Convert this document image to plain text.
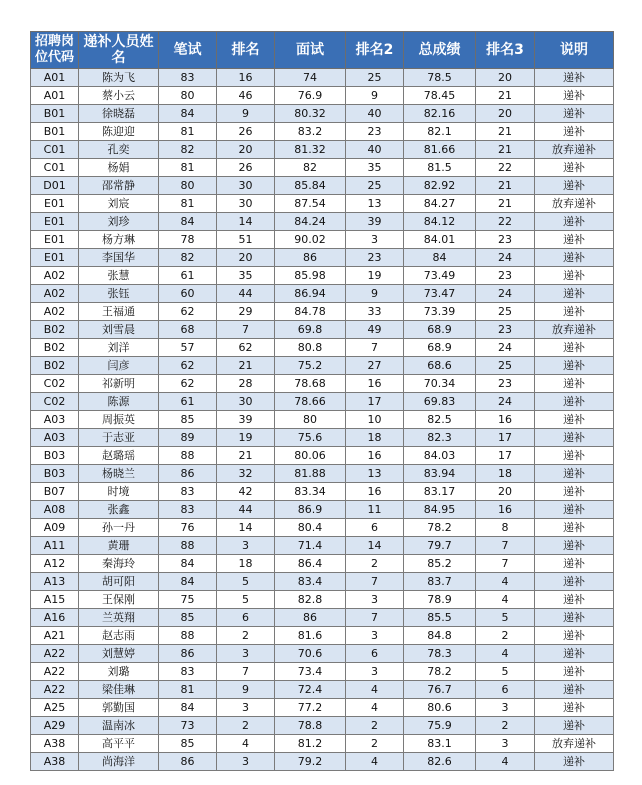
招聘岗位代码	递补人员姓名	笔试	排名	面试	排名2	总成绩	排名3	说明
A01	陈为飞	83	16	74	25	78.5	20	递补
A01	蔡小云	80	46	76.9	9	78.45	21	递补
B01	徐晓磊	84	9	80.32	40	82.16	20	递补
B01	陈迎迎	81	26	83.2	23	82.1	21	递补
C01	孔奕	82	20	81.32	40	81.66	21	放弃递补
C01	杨娟	81	26	82	35	81.5	22	递补
D01	邵常静	80	30	85.84	25	82.92	21	递补
E01	刘宸	81	30	87.54	13	84.27	21	放弃递补
E01	刘珍	84	14	84.24	39	84.12	22	递补
E01	杨方琳	78	51	90.02	3	84.01	23	递补
E01	李国华	82	20	86	23	84	24	递补
A02	张慧	61	35	85.98	19	73.49	23	递补
A02	张钰	60	44	86.94	9	73.47	24	递补
A02	王福通	62	29	84.78	33	73.39	25	递补
B02	刘雪晨	68	7	69.8	49	68.9	23	放弃递补
B02	刘洋	57	62	80.8	7	68.9	24	递补
B02	闫彦	62	21	75.2	27	68.6	25	递补
C02	祁新明	62	28	78.68	16	70.34	23	递补
C02	陈源	61	30	78.66	17	69.83	24	递补
A03	周振英	85	39	80	10	82.5	16	递补
A03	于志亚	89	19	75.6	18	82.3	17	递补
B03	赵璐瑶	88	21	80.06	16	84.03	17	递补
B03	杨晓兰	86	32	81.88	13	83.94	18	递补
B07	时境	83	42	83.34	16	83.17	20	递补
A08	张鑫	83	44	86.9	11	84.95	16	递补
A09	孙一丹	76	14	80.4	6	78.2	8	递补
A11	黄珊	88	3	71.4	14	79.7	7	递补
A12	秦海玲	84	18	86.4	2	85.2	7	递补
A13	胡可阳	84	5	83.4	7	83.7	4	递补
A15	王保刚	75	5	82.8	3	78.9	4	递补
A16	兰英翔	85	6	86	7	85.5	5	递补
A21	赵志雨	88	2	81.6	3	84.8	2	递补
A22	刘慧婷	86	3	70.6	6	78.3	4	递补
A22	刘璐	83	7	73.4	3	78.2	5	递补
A22	梁佳琳	81	9	72.4	4	76.7	6	递补
A25	郭勤国	84	3	77.2	4	80.6	3	递补
A29	温南冰	73	2	78.8	2	75.9	2	递补
A38	高平平	85	4	81.2	2	83.1	3	放弃递补
A38	尚海洋	86	3	79.2	4	82.6	4	递补
